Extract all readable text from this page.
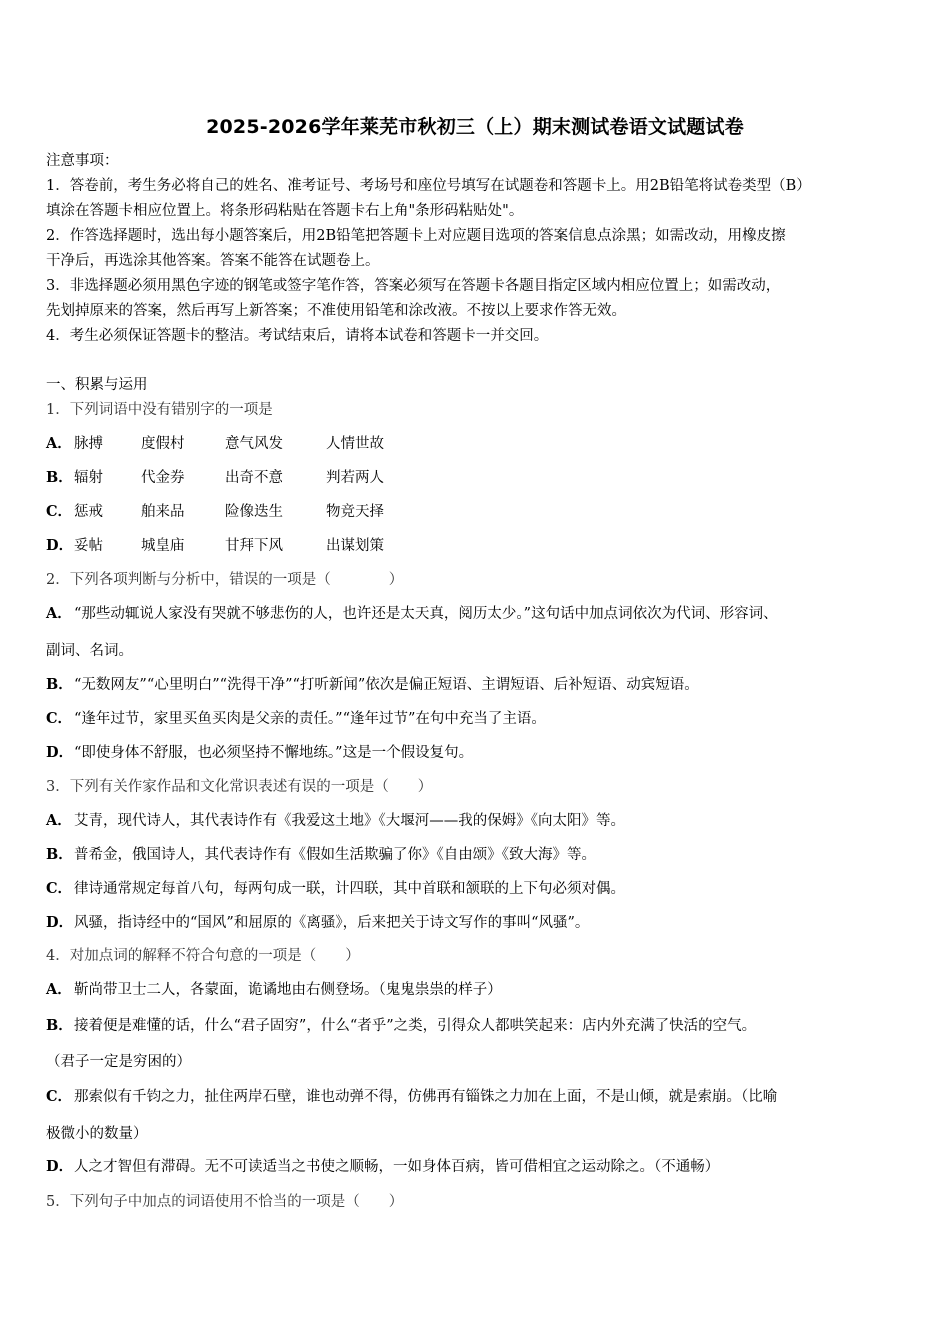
2025-2026学年莱芜市秋初三（上）期末测试卷语文试题试卷
注意事项：
1．答卷前，考生务必将自己的姓名、准考证号、考场号和座位号填写在试题卷和答题卡上。用2B铅笔将试卷类型（B）
填涂在答题卡相应位置上。将条形码粘贴在答题卡右上角"条形码粘贴处"。
2．作答选择题时，选出每小题答案后，用2B铅笔把答题卡上对应题目选项的答案信息点涂黑；如需改动，用橡皮擦
干净后，再选涂其他答案。答案不能答在试题卷上。
3．非选择题必须用黑色字迹的钢笔或签字笔作答，答案必须写在答题卡各题目指定区域内相应位置上；如需改动，
先划掉原来的答案，然后再写上新答案；不准使用铅笔和涂改液。不按以上要求作答无效。
4．考生必须保证答题卡的整洁。考试结束后，请将本试卷和答题卡一并交回。
一、积累与运用
1．下列词语中没有错别字的一项是
A． 脉搏	度假村	意气风发	人情世故
B．辐射	代金券	出奇不意	判若两人
C． 惩戒	舶来品	险像迭生	物竞天择
D．妥帖	城皇庙	甘拜下风	出谋划策
2．下列各项判断与分析中，错误的一项是（　　　　）
A． “那些动辄说人家没有哭就不够悲伤的人，也许还是太天真，阅历太少。”这句话中加点词依次为代词、形容词、
副词、名词。
B．“无数网友”“心里明白”“洗得干净”“打听新闻”依次是偏正短语、主谓短语、后补短语、动宾短语。
C． “逢年过节，家里买鱼买肉是父亲的责任。”“逢年过节”在句中充当了主语。
D．“即使身体不舒服，也必须坚持不懈地练。”这是一个假设复句。
3．下列有关作家作品和文化常识表述有误的一项是（　　）
A． 艾青，现代诗人，其代表诗作有《我爱这土地》《大堰河——我的保姆》《向太阳》等。
B．普希金，俄国诗人，其代表诗作有《假如生活欺骗了你》《自由颂》《致大海》等。
C． 律诗通常规定每首八句，每两句成一联，计四联，其中首联和颔联的上下句必须对偶。
D．风骚，指诗经中的“国风”和屈原的《离骚》，后来把关于诗文写作的事叫“风骚”。
4．对加点词的解释不符合句意的一项是（　　）
A． 靳尚带卫士二人，各蒙面，诡谲地由右侧登场。（鬼鬼祟祟的样子）
B．接着便是难懂的话，什么“君子固穷”，什么“者乎”之类，引得众人都哄笑起来：店内外充满了快活的空气。
（君子一定是穷困的）
C． 那索似有千钧之力，扯住两岸石壁，谁也动弹不得，仿佛再有锱铢之力加在上面，不是山倾，就是索崩。（比喻
极微小的数量）
D．人之才智但有滞碍。无不可读适当之书使之顺畅，一如身体百病，皆可借相宜之运动除之。（不通畅）
5．下列句子中加点的词语使用不恰当的一项是（　　）
